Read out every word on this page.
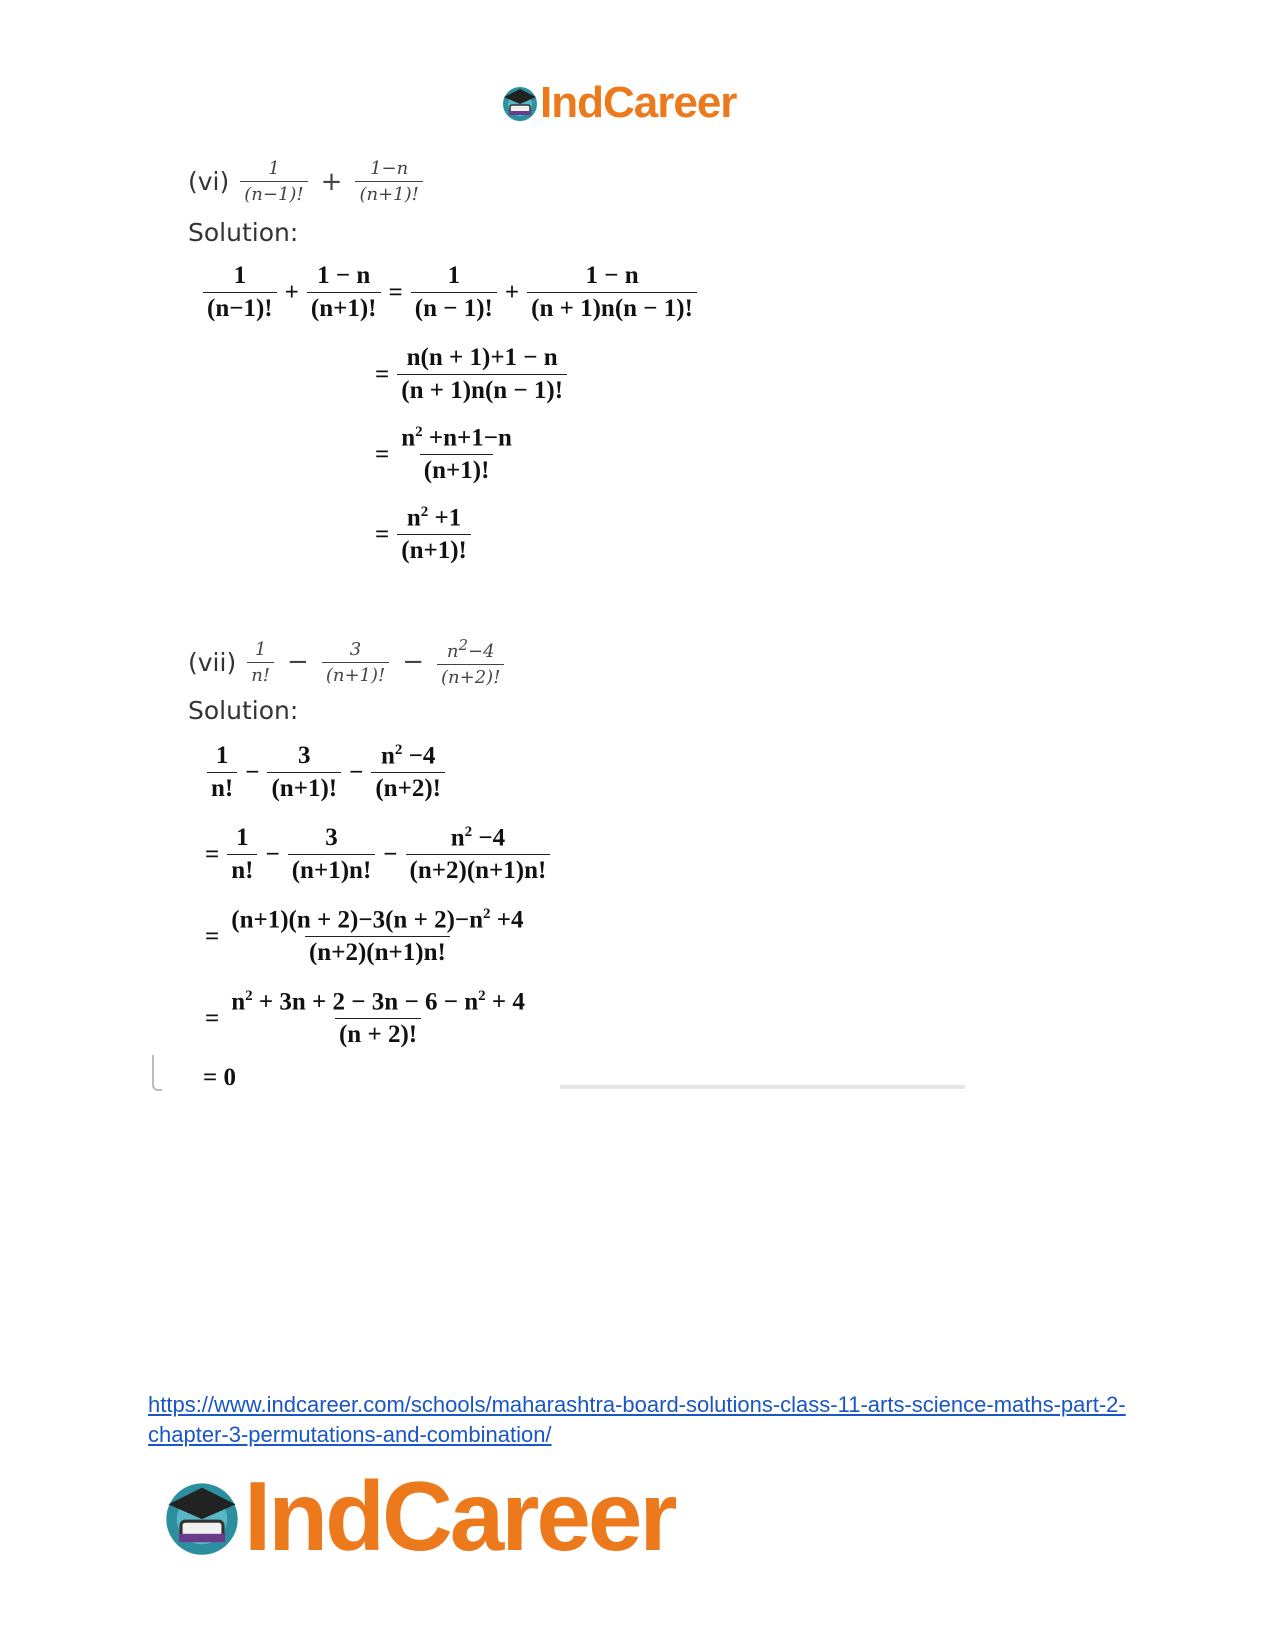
IndCareer
$(vi) \frac{1}{(n-1)!} + \frac{1-n}{(n+1)!}$
Solution:
$\frac{1}{(n-1)!} + \frac{1 - n}{(n+1)!} = \frac{1}{(n - 1)!} + \frac{1 - n}{(n + 1)n(n - 1)!}$
= $\frac{n(n + 1)+1 - n}{(n + 1)n(n - 1)!}$
= $\frac{n^2 +n+1-n}{(n+1)!}$
= $\frac{n^2 +1}{(n+1)!}$
$(vii) \frac{1}{n!} - \frac{3}{(n+1)!} - \frac{n^2-4}{(n+2)!}$
Solution:
$\frac{1}{n!} - \frac{3}{(n+1)!} - \frac{n^2 -4}{(n+2)!}$
= $\frac{1}{n!} - \frac{3}{(n+1)n!} - \frac{n^2 -4}{(n+2)(n+1)n!}$
= $\frac{(n+1)(n + 2)-3(n + 2)-n^2 +4}{(n+2)(n+1)n!}$
= $\frac{n^2 + 3n + 2 - 3n - 6 - n^2 + 4}{(n + 2)!}$
= 0
https://www.indcareer.com/schools/maharashtra-board-solutions-class-11-arts-science-maths-part-2-chapter-3-permutations-and-combination/
IndCareer
